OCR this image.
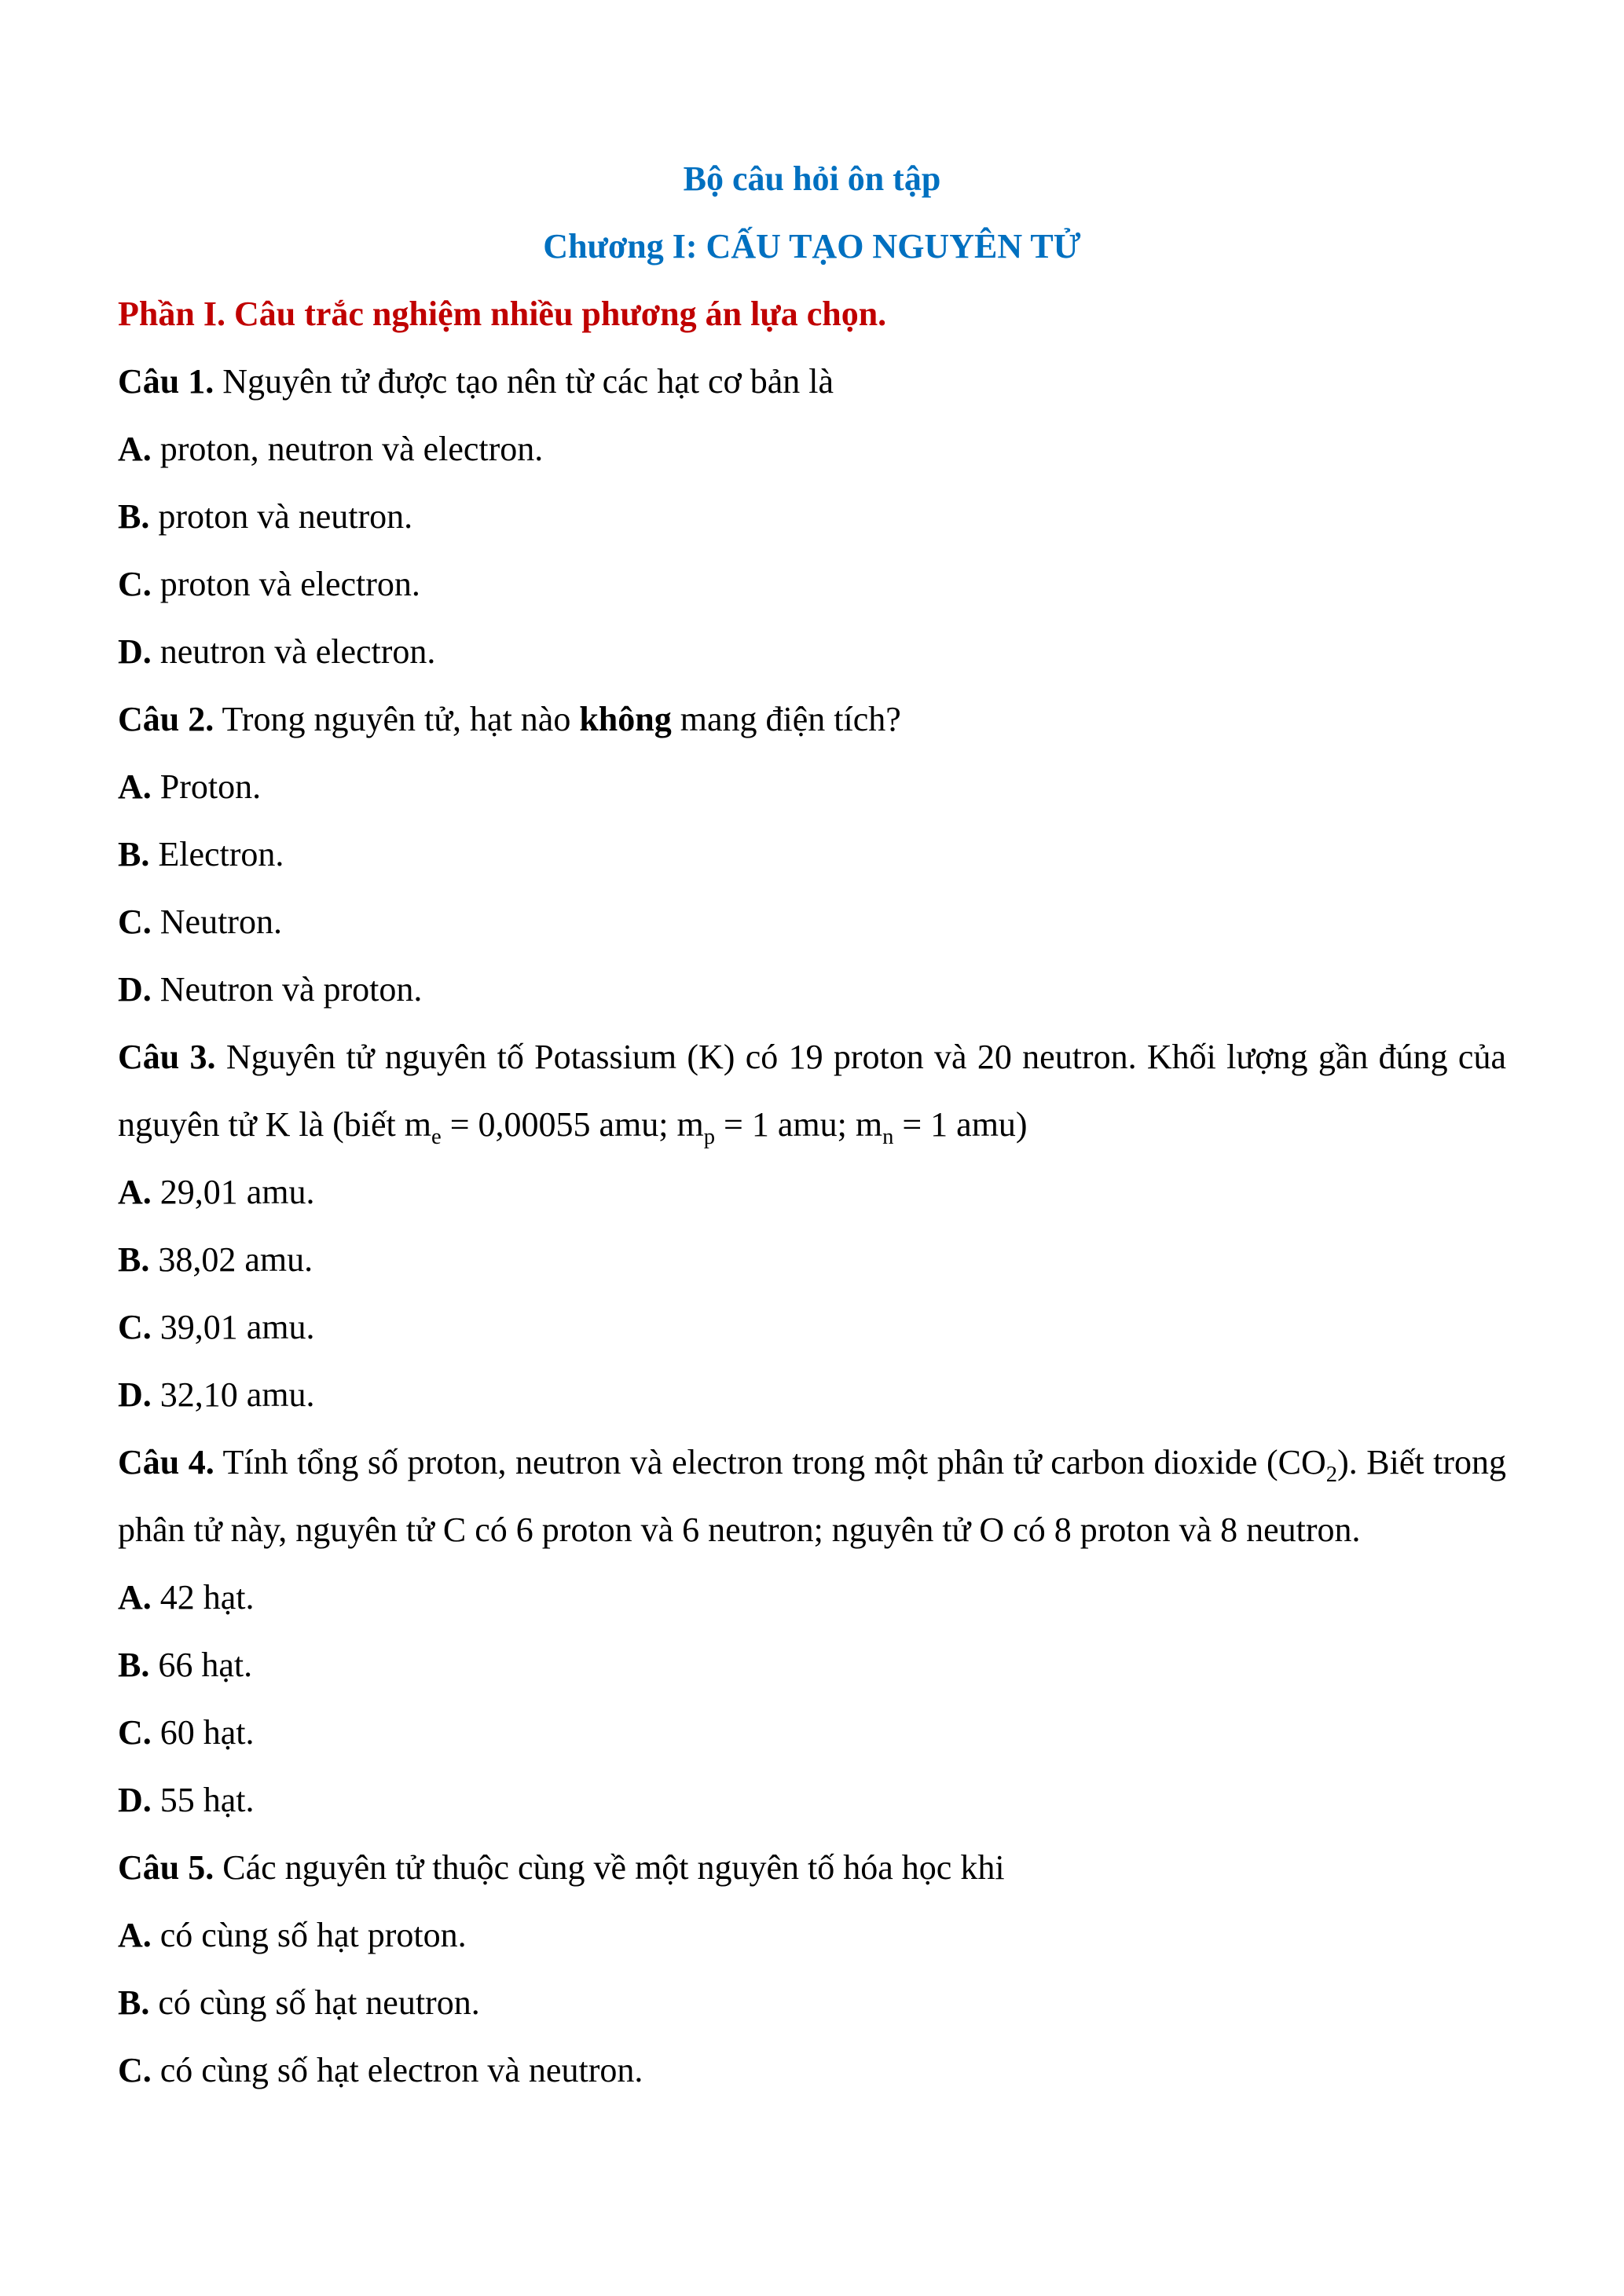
Bộ câu hỏi ôn tập

Chương I: CẤU TẠO NGUYÊN TỬ

Phần I. Câu trắc nghiệm nhiều phương án lựa chọn.

Câu 1. Nguyên tử được tạo nên từ các hạt cơ bản là

A. proton, neutron và electron.

B. proton và neutron.

C. proton và electron.

D. neutron và electron.

Câu 2. Trong nguyên tử, hạt nào không mang điện tích?

A. Proton.

B. Electron.

C. Neutron.

D. Neutron và proton.

Câu 3. Nguyên tử nguyên tố Potassium (K) có 19 proton và 20 neutron. Khối lượng gần đúng của nguyên tử K là (biết $m_e = 0,00055$ amu; $m_p = 1$ amu; $m_n = 1$ amu)

A. 29,01 amu.

B. 38,02 amu.

C. 39,01 amu.

D. 32,10 amu.

Câu 4. Tính tổng số proton, neutron và electron trong một phân tử carbon dioxide $(CO_2)$. Biết trong phân tử này, nguyên tử C có 6 proton và 6 neutron; nguyên tử O có 8 proton và 8 neutron.

A. 42 hạt.

B. 66 hạt.

C. 60 hạt.

D. 55 hạt.

Câu 5. Các nguyên tử thuộc cùng về một nguyên tố hóa học khi

A. có cùng số hạt proton.

B. có cùng số hạt neutron.

C. có cùng số hạt electron và neutron.
